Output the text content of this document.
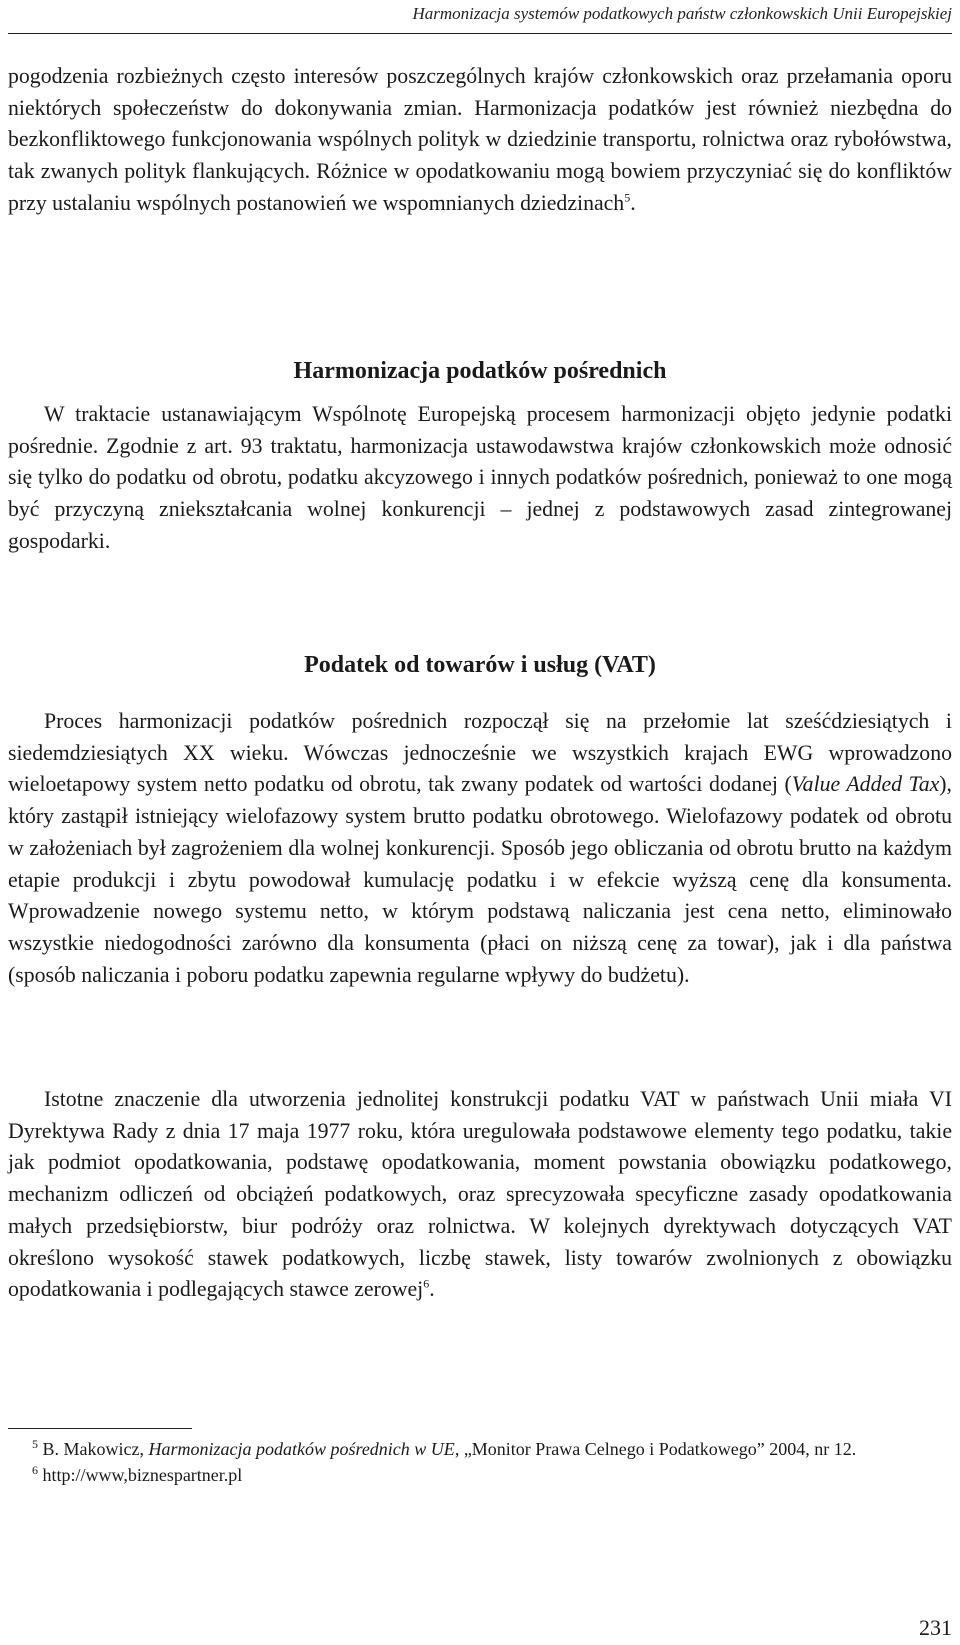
Harmonizacja systemów podatkowych państw członkowskich Unii Europejskiej

pogodzenia rozbieżnych często interesów poszczególnych krajów członkowskich oraz przełamania oporu niektórych społeczeństw do dokonywania zmian. Harmonizacja podatków jest również niezbędna do bezkonfliktowego funkcjonowania wspólnych polityk w dziedzinie transportu, rolnictwa oraz rybołówstwa, tak zwanych polityk flankujących. Różnice w opodatkowaniu mogą bowiem przyczyniać się do konfliktów przy ustalaniu wspólnych postanowień we wspomnianych dziedzinach$^5$.

Harmonizacja podatków pośrednich

W traktacie ustanawiającym Wspólnotę Europejską procesem harmonizacji objęto jedynie podatki pośrednie. Zgodnie z art. 93 traktatu, harmonizacja ustawodawstwa krajów członkowskich może odnosić się tylko do podatku od obrotu, podatku akcyzowego i innych podatków pośrednich, ponieważ to one mogą być przyczyną zniekształcania wolnej konkurencji – jednej z podstawowych zasad zintegrowanej gospodarki.

Podatek od towarów i usług (VAT)

Proces harmonizacji podatków pośrednich rozpoczął się na przełomie lat sześćdziesiątych i siedemdziesiątych XX wieku. Wówczas jednocześnie we wszystkich krajach EWG wprowadzono wieloetapowy system netto podatku od obrotu, tak zwany podatek od wartości dodanej (Value Added Tax), który zastąpił istniejący wielofazowy system brutto podatku obrotowego. Wielofazowy podatek od obrotu w założeniach był zagrożeniem dla wolnej konkurencji. Sposób jego obliczania od obrotu brutto na każdym etapie produkcji i zbytu powodował kumulację podatku i w efekcie wyższą cenę dla konsumenta. Wprowadzenie nowego systemu netto, w którym podstawą naliczania jest cena netto, eliminowało wszystkie niedogodności zarówno dla konsumenta (płaci on niższą cenę za towar), jak i dla państwa (sposób naliczania i poboru podatku zapewnia regularne wpływy do budżetu).

Istotne znaczenie dla utworzenia jednolitej konstrukcji podatku VAT w państwach Unii miała VI Dyrektywa Rady z dnia 17 maja 1977 roku, która uregulowała podstawowe elementy tego podatku, takie jak podmiot opodatkowania, podstawę opodatkowania, moment powstania obowiązku podatkowego, mechanizm odliczeń od obciążeń podatkowych, oraz sprecyzowała specyficzne zasady opodatkowania małych przedsiębiorstw, biur podróży oraz rolnictwa. W kolejnych dyrektywach dotyczących VAT określono wysokość stawek podatkowych, liczbę stawek, listy towarów zwolnionych z obowiązku opodatkowania i podlegających stawce zerowej$^6$.

$^5$ B. Makowicz, Harmonizacja podatków pośrednich w UE, „Monitor Prawa Celnego i Podatkowego” 2004, nr 12.

$^6$ http://www,biznespartner.pl

231
